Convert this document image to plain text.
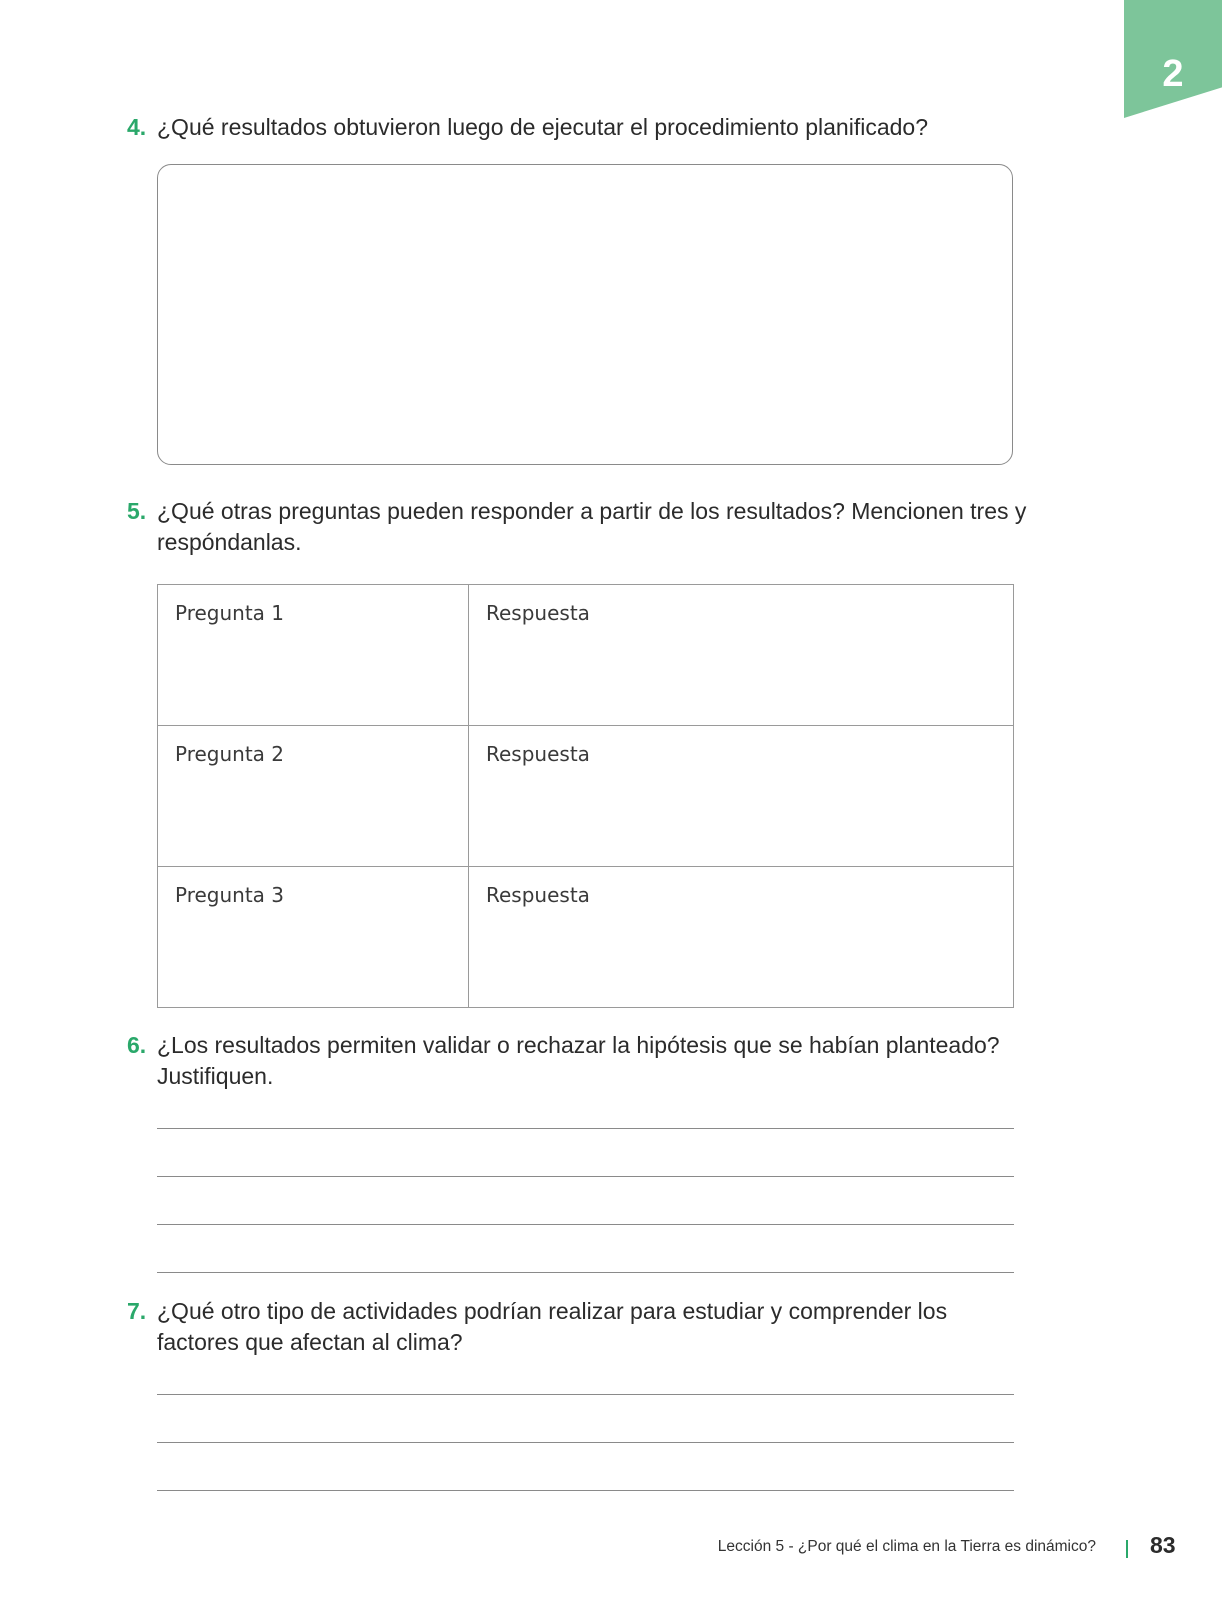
2
4. ¿Qué resultados obtuvieron luego de ejecutar el procedimiento planificado?
5. ¿Qué otras preguntas pueden responder a partir de los resultados? Mencionen tres y respóndanlas.
Pregunta 1	Respuesta
Pregunta 2	Respuesta
Pregunta 3	Respuesta
6. ¿Los resultados permiten validar o rechazar la hipótesis que se habían planteado? Justifiquen.
7. ¿Qué otro tipo de actividades podrían realizar para estudiar y comprender los factores que afectan al clima?
Lección 5 - ¿Por qué el clima en la Tierra es dinámico? 83
